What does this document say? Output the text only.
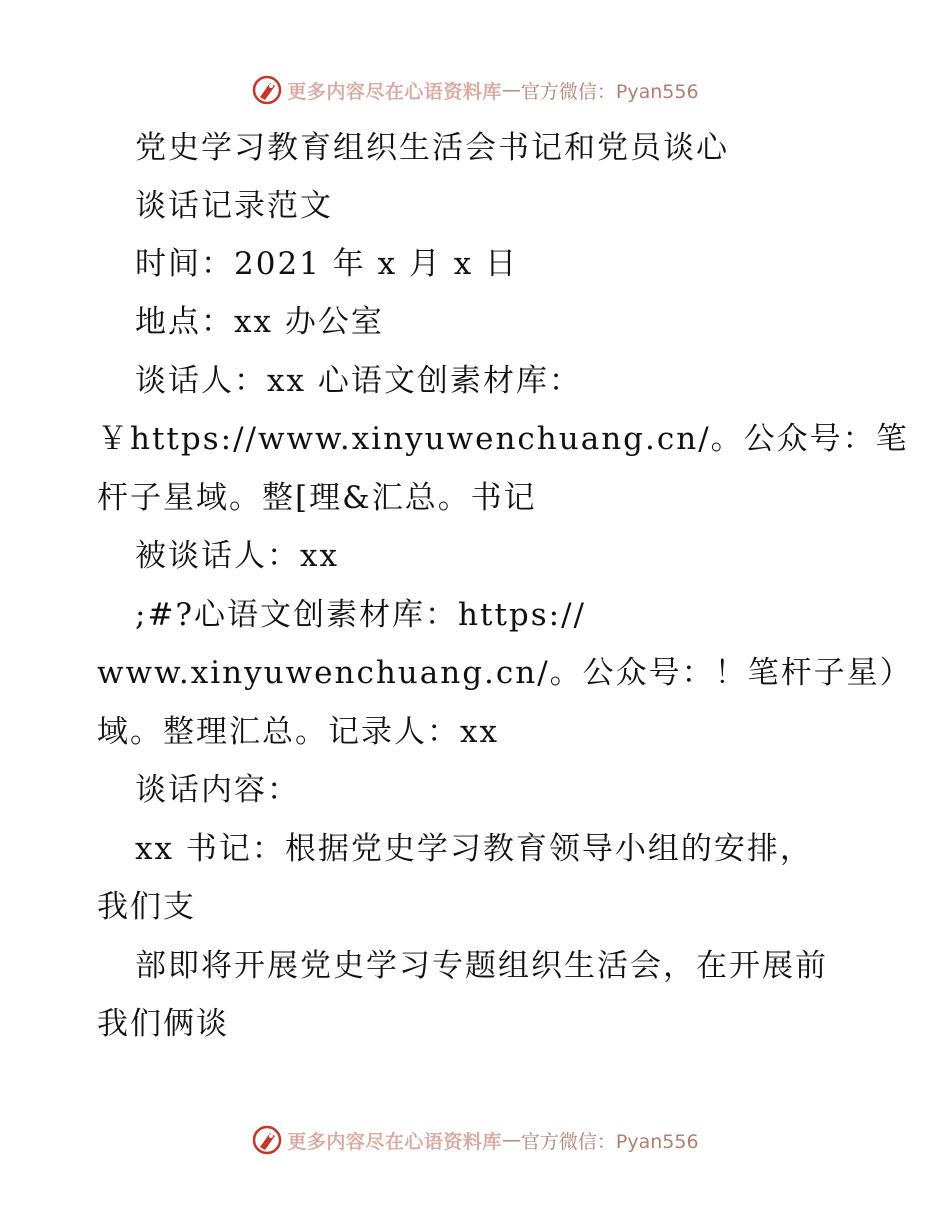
更多内容尽在心语资料库 — 官方微信：Pyan556
党史学习教育组织生活会书记和党员谈心
谈话记录范文
时间：2021 年 x 月 x 日
地点：xx 办公室
谈话人：xx 心语文创素材库：
￥https://www.xinyuwenchuang.cn/。公众号：笔
杆子星域。整[理&汇总。书记
被谈话人：xx
;#?心语文创素材库：https://
www.xinyuwenchuang.cn/。公众号：！笔杆子星）
域。整理汇总。记录人：xx
谈话内容：
xx 书记：根据党史学习教育领导小组的安排，
我们支
部即将开展党史学习专题组织生活会，在开展前
我们俩谈
更多内容尽在心语资料库 — 官方微信：Pyan556
